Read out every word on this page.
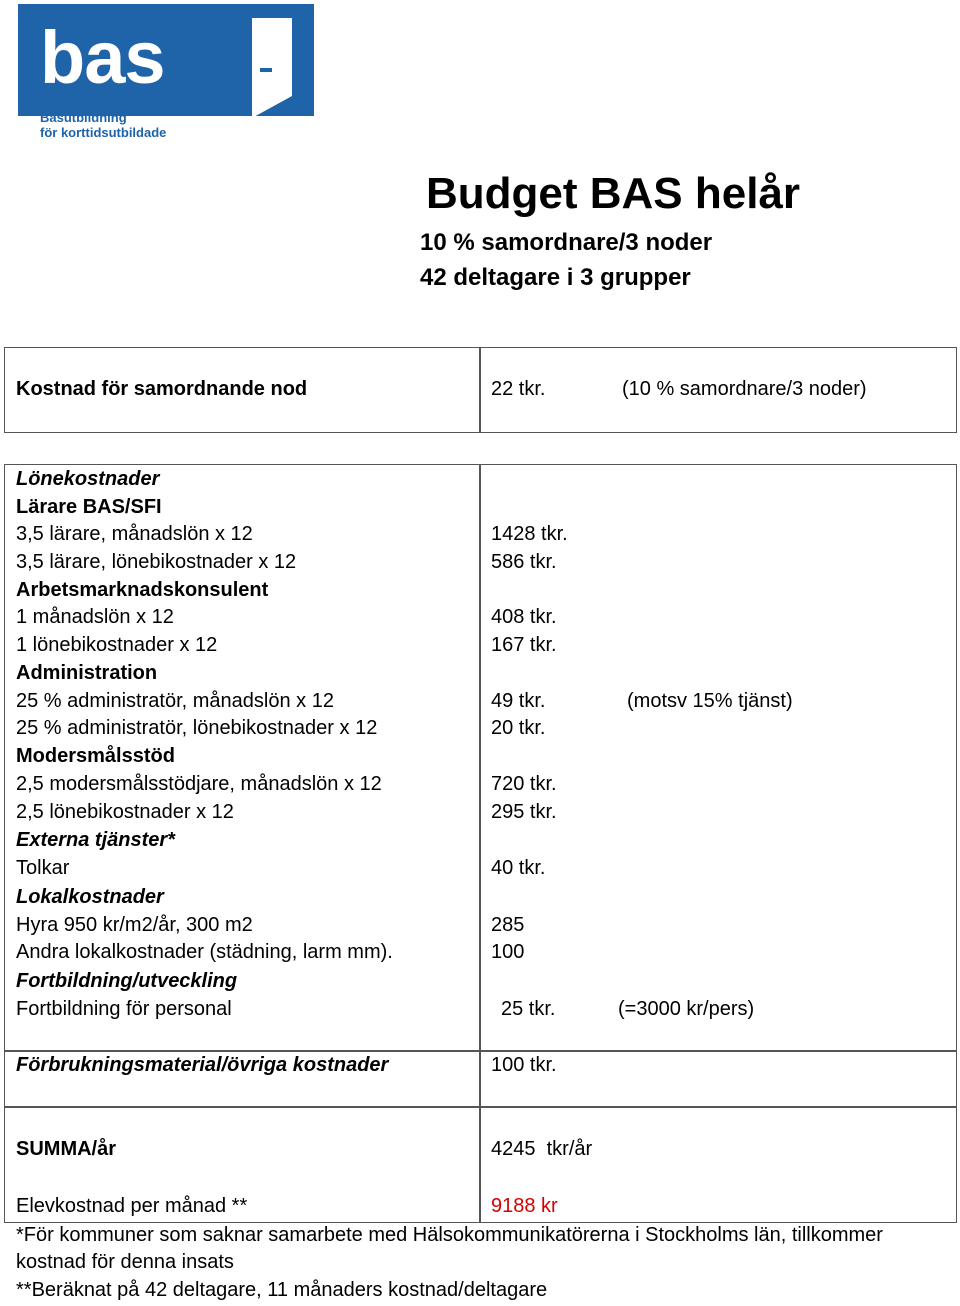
bas
Basutbildning
för korttidsutbildade
Budget BAS helår
10 % samordnare/3 noder
42 deltagare i 3 grupper
Kostnad för samordnande nod	22 tkr.	(10 % samordnare/3 noder)
Lönekostnader
Lärare BAS/SFI
3,5 lärare, månadslön x 12	1428 tkr.
3,5 lärare, lönebikostnader x 12	586 tkr.
Arbetsmarknadskonsulent
1 månadslön x 12	408 tkr.
1 lönebikostnader x 12	167 tkr.
Administration
25 % administratör, månadslön x 12	49 tkr.	(motsv 15% tjänst)
25 % administratör, lönebikostnader x 12	20 tkr.
Modersmålsstöd
2,5 modersmålsstödjare, månadslön x 12	720 tkr.
2,5 lönebikostnader x 12	295 tkr.
Externa tjänster*
Tolkar	40 tkr.
Lokalkostnader
Hyra 950 kr/m2/år, 300 m2	285
Andra lokalkostnader (städning, larm mm).	100
Fortbildning/utveckling
Fortbildning för personal	25 tkr.	(=3000 kr/pers)
Förbrukningsmaterial/övriga kostnader	100 tkr.
SUMMA/år	4245  tkr/år
Elevkostnad per månad **	9188 kr
*För kommuner som saknar samarbete med Hälsokommunikatörerna i Stockholms län, tillkommer
kostnad för denna insats
**Beräknat på 42 deltagare, 11 månaders kostnad/deltagare
